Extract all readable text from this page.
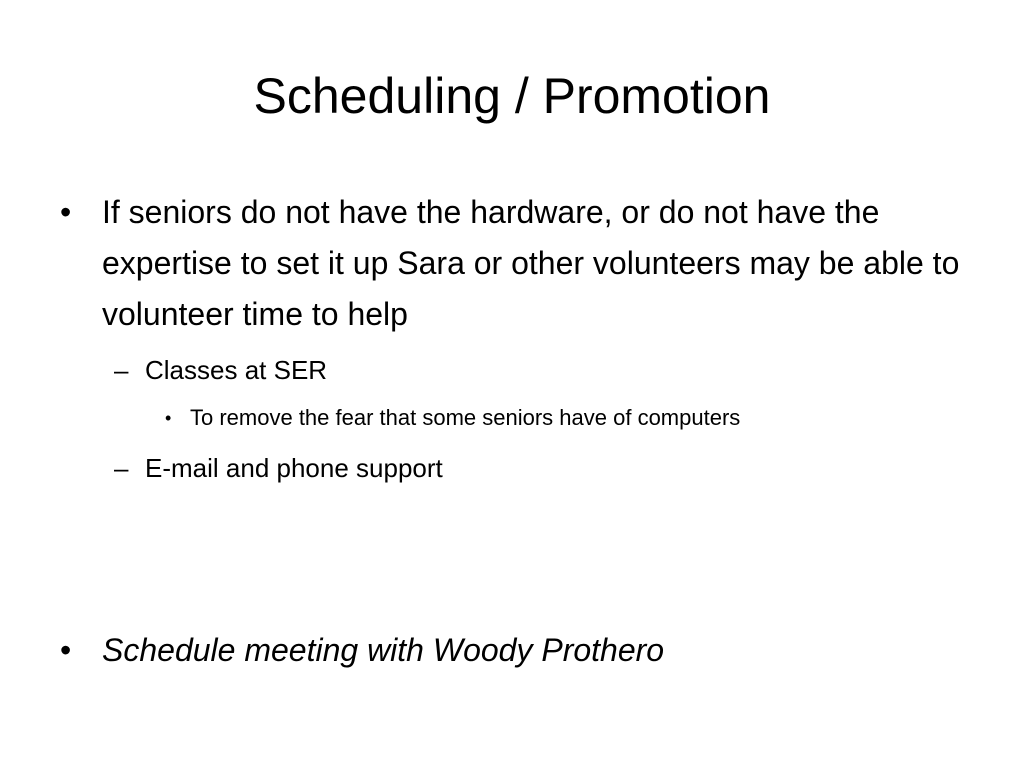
Scheduling / Promotion
• If seniors do not have the hardware, or do not have the expertise to set it up Sara or other volunteers may be able to volunteer time to help
– Classes at SER
• To remove the fear that some seniors have of computers
– E-mail and phone support
• Schedule meeting with Woody Prothero
